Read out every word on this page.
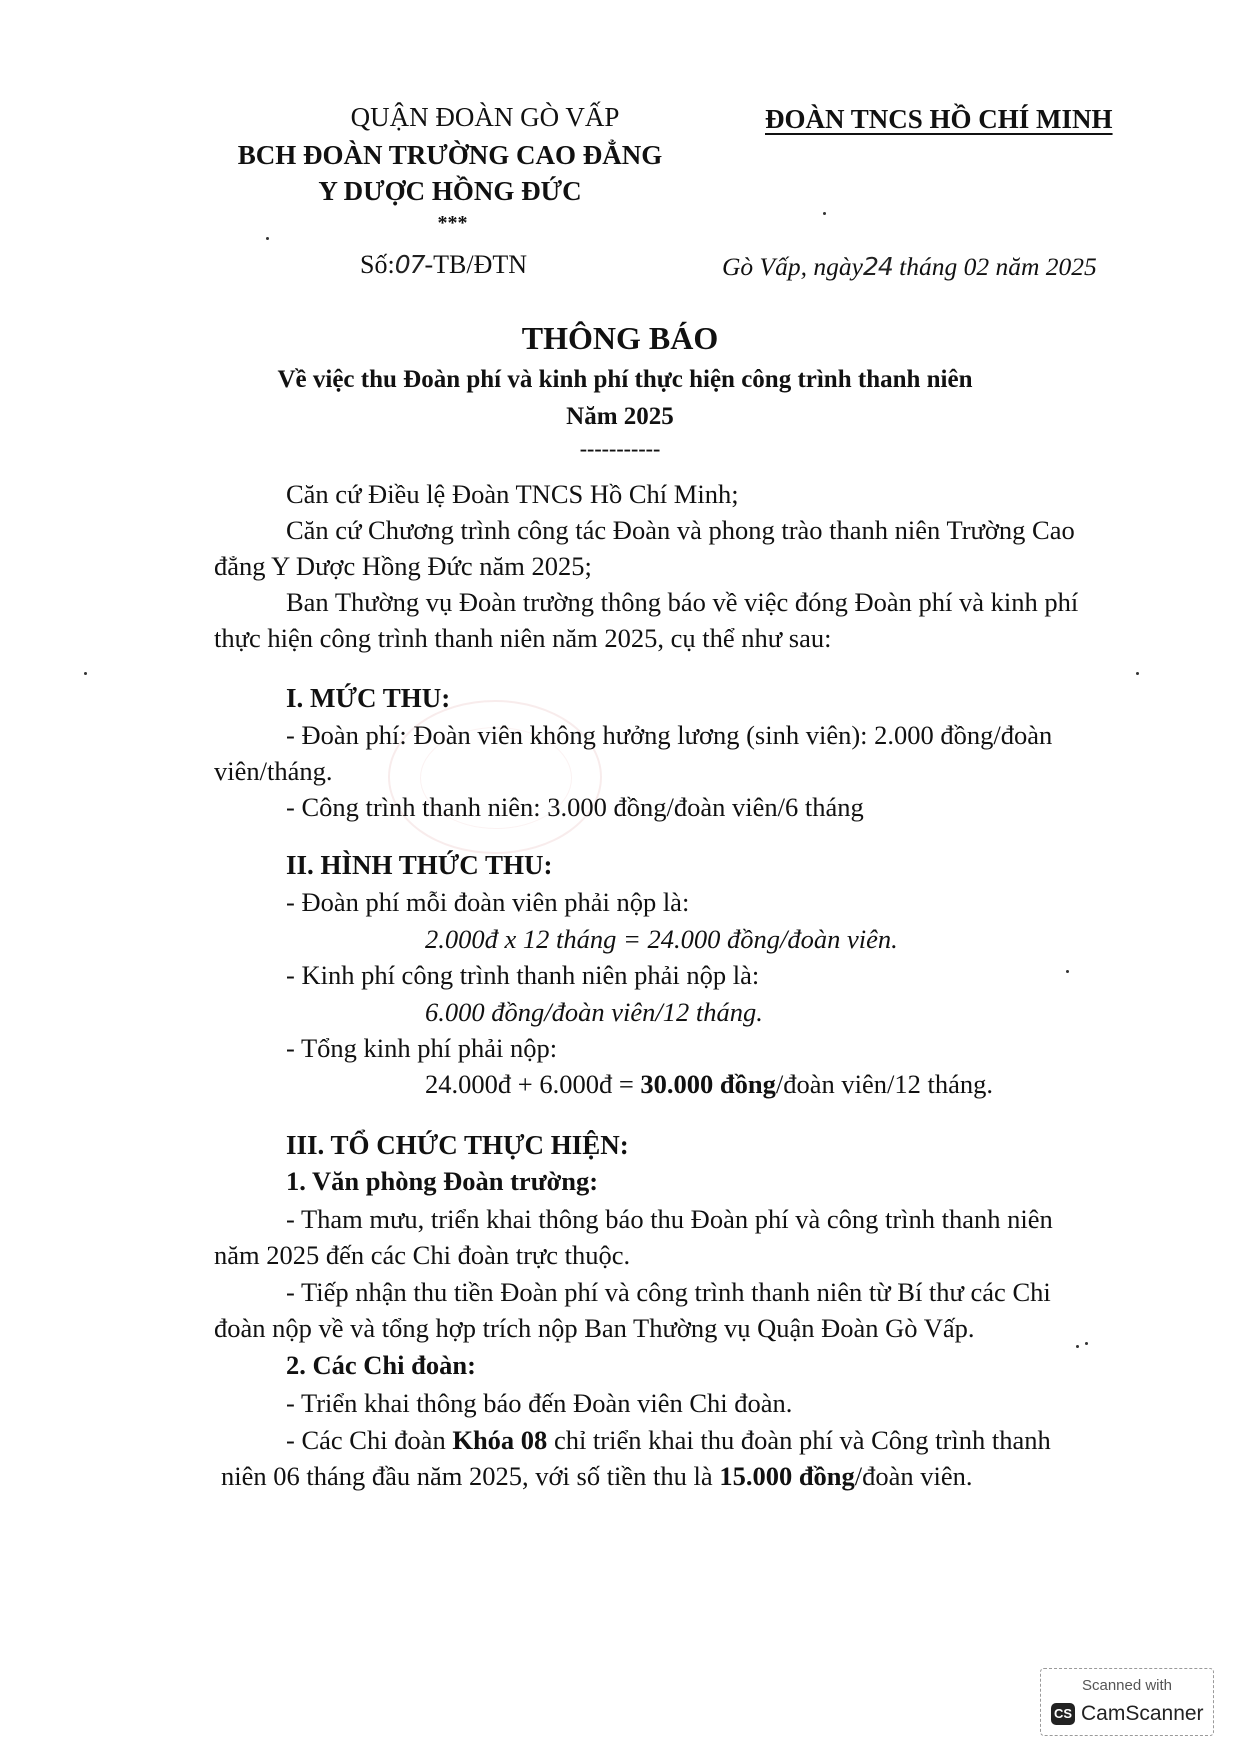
QUẬN ĐOÀN GÒ VẤP
BCH ĐOÀN TRƯỜNG CAO ĐẲNG
Y DƯỢC HỒNG ĐỨC
***
Số:07-TB/ĐTN
ĐOÀN TNCS HỒ CHÍ MINH
Gò Vấp, ngày24 tháng 02 năm 2025
THÔNG BÁO
Về việc thu Đoàn phí và kinh phí thực hiện công trình thanh niên
Năm 2025
-----------
Căn cứ Điều lệ Đoàn TNCS Hồ Chí Minh;
Căn cứ Chương trình công tác Đoàn và phong trào thanh niên Trường Cao
đẳng Y Dược Hồng Đức năm 2025;
Ban Thường vụ Đoàn trường thông báo về việc đóng Đoàn phí và kinh phí
thực hiện công trình thanh niên năm 2025, cụ thể như sau:
I. MỨC THU:
- Đoàn phí: Đoàn viên không hưởng lương (sinh viên): 2.000 đồng/đoàn
viên/tháng.
- Công trình thanh niên: 3.000 đồng/đoàn viên/6 tháng
II. HÌNH THỨC THU:
- Đoàn phí mỗi đoàn viên phải nộp là:
2.000đ x 12 tháng = 24.000 đồng/đoàn viên.
- Kinh phí công trình thanh niên phải nộp là:
6.000 đồng/đoàn viên/12 tháng.
- Tổng kinh phí phải nộp:
24.000đ + 6.000đ = 30.000 đồng/đoàn viên/12 tháng.
III. TỔ CHỨC THỰC HIỆN:
1. Văn phòng Đoàn trường:
- Tham mưu, triển khai thông báo thu Đoàn phí và công trình thanh niên
năm 2025 đến các Chi đoàn trực thuộc.
- Tiếp nhận thu tiền Đoàn phí và công trình thanh niên từ Bí thư các Chi
đoàn nộp về và tổng hợp trích nộp Ban Thường vụ Quận Đoàn Gò Vấp.
2. Các Chi đoàn:
- Triển khai thông báo đến Đoàn viên Chi đoàn.
- Các Chi đoàn Khóa 08 chỉ triển khai thu đoàn phí và Công trình thanh
niên 06 tháng đầu năm 2025, với số tiền thu là 15.000 đồng/đoàn viên.
Scanned with
CS CamScanner
